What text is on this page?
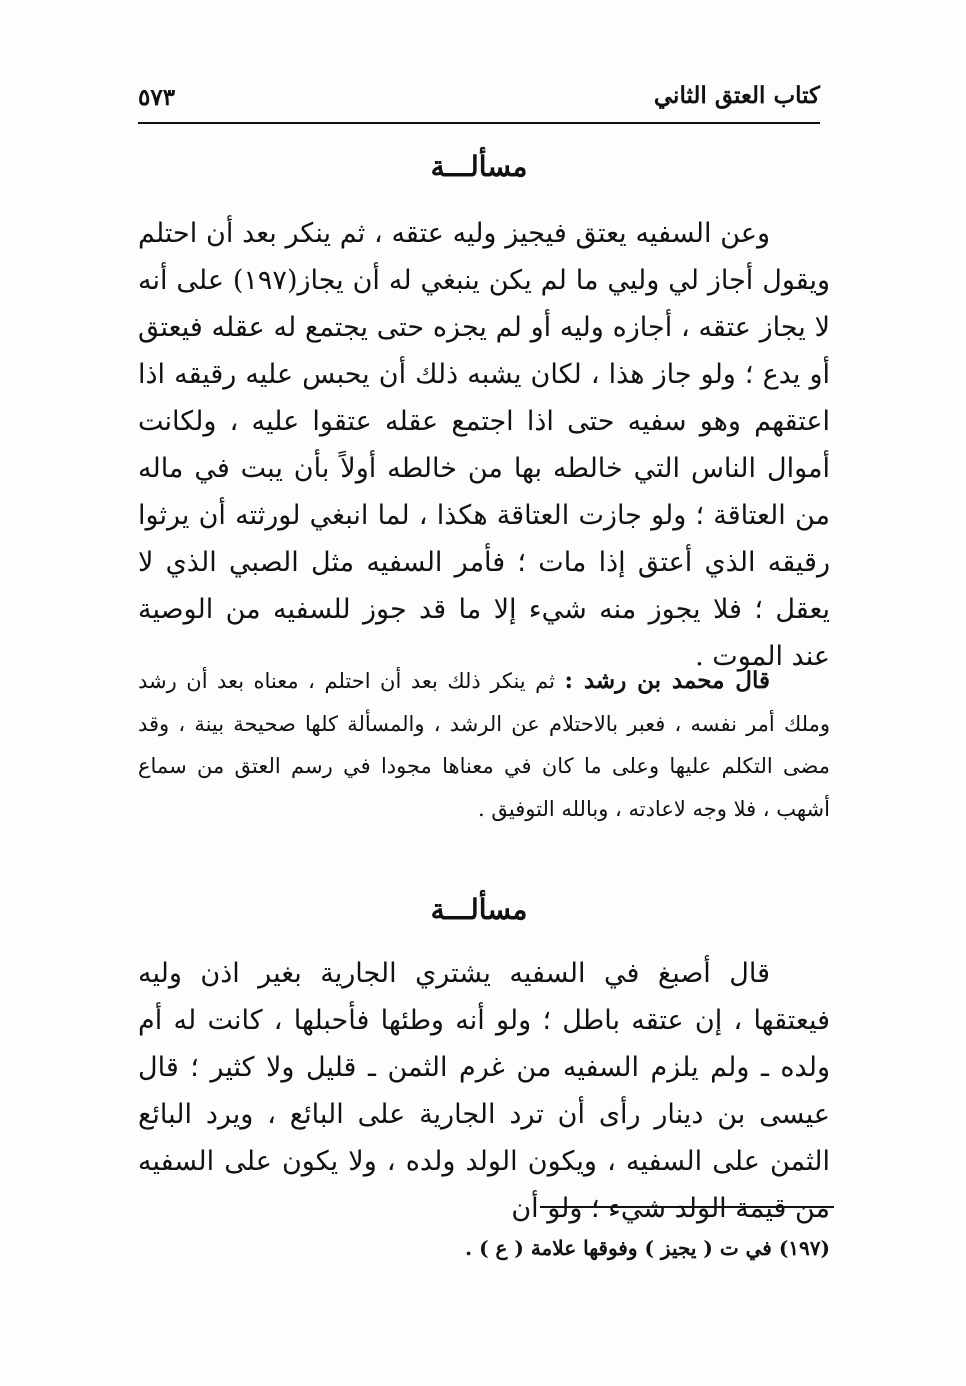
كتاب العتق الثاني
٥٧٣
مسألـــة

وعن السفيه يعتق فيجيز وليه عتقه ، ثم ينكر بعد أن احتلم ويقول أجاز لي وليي ما لم يكن ينبغي له أن يجاز(١٩٧) على أنه لا يجاز عتقه ، أجازه وليه أو لم يجزه حتى يجتمع له عقله فيعتق أو يدع ؛ ولو جاز هذا ، لكان يشبه ذلك أن يحبس عليه رقيقه اذا اعتقهم وهو سفيه حتى اذا اجتمع عقله عتقوا عليه ، ولكانت أموال الناس التي خالطه بها من خالطه أولاً بأن يبت في ماله من العتاقة ؛ ولو جازت العتاقة هكذا ، لما انبغي لورثته أن يرثوا رقيقه الذي أعتق إذا مات ؛ فأمر السفيه مثل الصبي الذي لا يعقل ؛ فلا يجوز منه شيء إلا ما قد جوز للسفيه من الوصية عند الموت .

قال محمد بن رشد : ثم ينكر ذلك بعد أن احتلم ، معناه بعد أن رشد وملك أمر نفسه ، فعبر بالاحتلام عن الرشد ، والمسألة كلها صحيحة بينة ، وقد مضى التكلم عليها وعلى ما كان في معناها مجودا في رسم العتق من سماع أشهب ، فلا وجه لاعادته ، وبالله التوفيق .

مسألـــة

قال أصبغ في السفيه يشتري الجارية بغير اذن وليه فيعتقها ، إن عتقه باطل ؛ ولو أنه وطئها فأحبلها ، كانت له أم ولده ـ ولم يلزم السفيه من غرم الثمن ـ قليل ولا كثير ؛ قال عيسى بن دينار رأى أن ترد الجارية على البائع ، ويرد البائع الثمن على السفيه ، ويكون الولد ولده ، ولا يكون على السفيه من قيمة الولد شيء ؛ ولو أن

(١٩٧) في ت ( يجيز ) وفوقها علامة ( ع ) .
